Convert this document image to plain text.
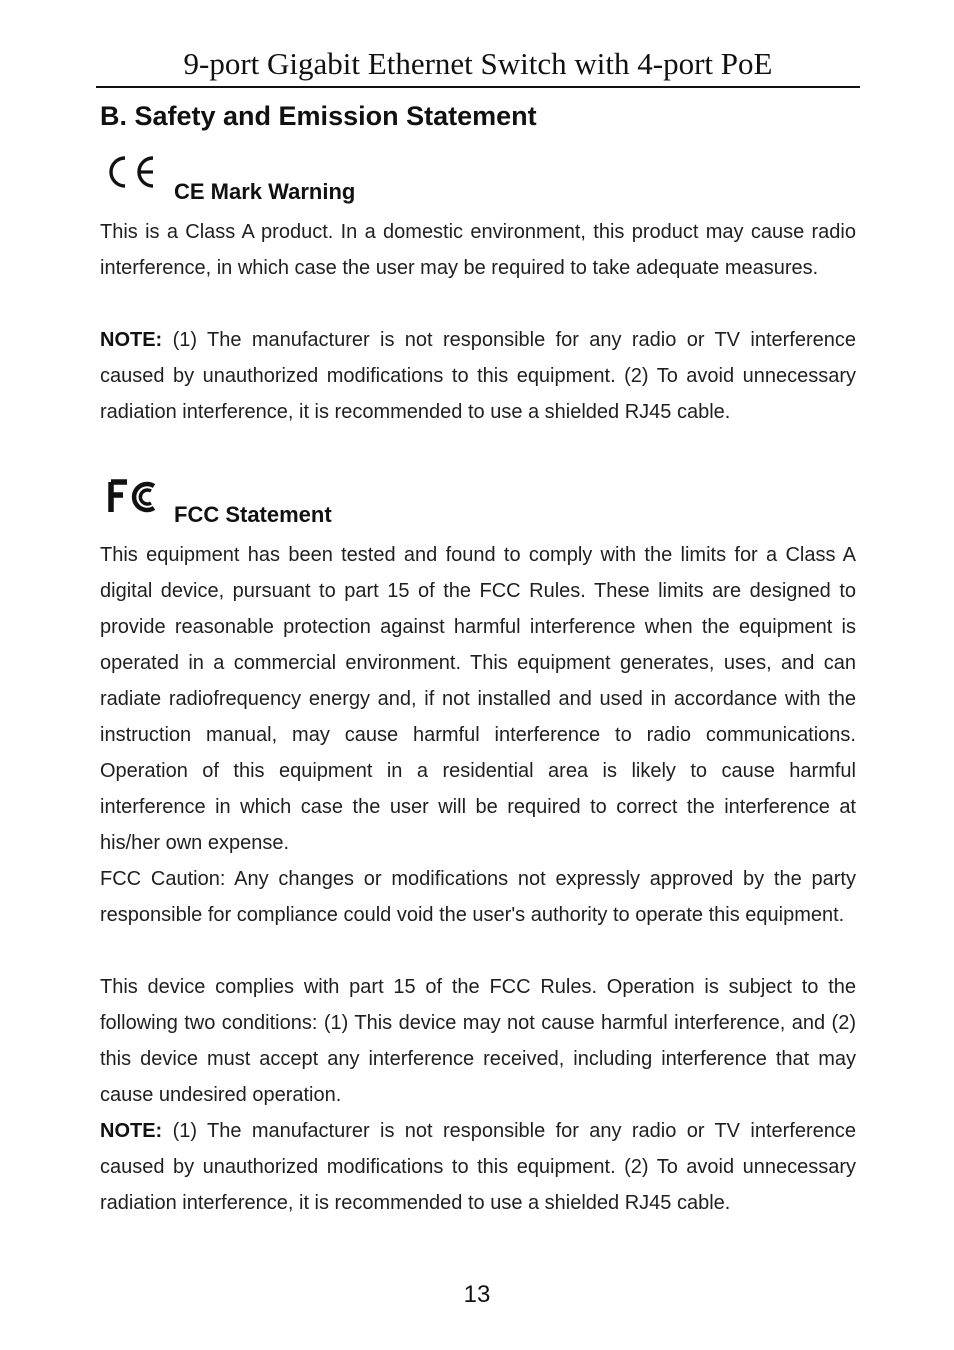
9-port Gigabit Ethernet Switch with 4-port PoE
B. Safety and Emission Statement
CE Mark Warning

This is a Class A product. In a domestic environment, this product may cause radio interference, in which case the user may be required to take adequate measures.

NOTE: (1) The manufacturer is not responsible for any radio or TV interference caused by unauthorized modifications to this equipment. (2) To avoid unnecessary radiation interference, it is recommended to use a shielded RJ45 cable.

FCC Statement

This equipment has been tested and found to comply with the limits for a Class A digital device, pursuant to part 15 of the FCC Rules. These limits are designed to provide reasonable protection against harmful interference when the equipment is operated in a commercial environment. This equipment generates, uses, and can radiate radiofrequency energy and, if not installed and used in accordance with the instruction manual, may cause harmful interference to radio communications. Operation of this equipment in a residential area is likely to cause harmful interference in which case the user will be required to correct the interference at his/her own expense.

FCC Caution: Any changes or modifications not expressly approved by the party responsible for compliance could void the user's authority to operate this equipment.

This device complies with part 15 of the FCC Rules. Operation is subject to the following two conditions: (1) This device may not cause harmful interference, and (2) this device must accept any interference received, including interference that may cause undesired operation.

NOTE: (1) The manufacturer is not responsible for any radio or TV interference caused by unauthorized modifications to this equipment. (2) To avoid unnecessary radiation interference, it is recommended to use a shielded RJ45 cable.

13
